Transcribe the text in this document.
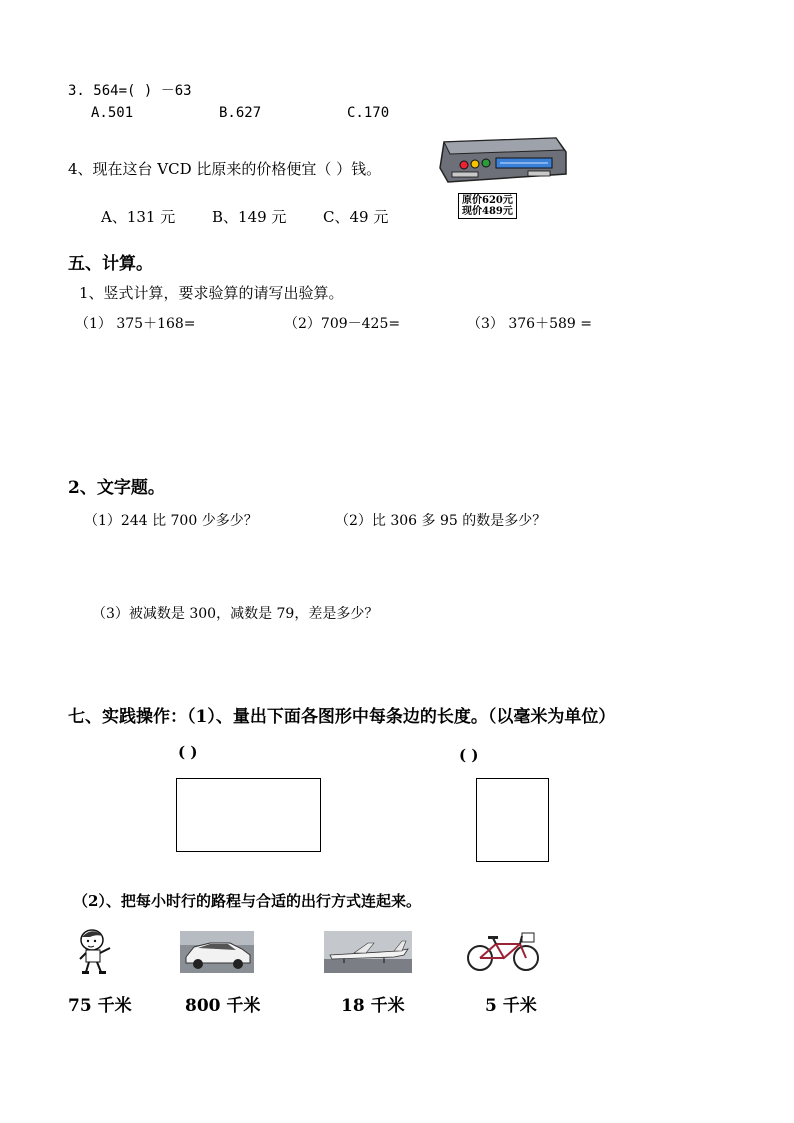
3. 564=( ) －63
A.501	B.627	C.170
4、现在这台 VCD 比原来的价格便宜（ ）钱。
A、131 元 B、149 元 C、49 元
原价620元
现价489元
五、计算。
1、竖式计算，要求验算的请写出验算。
（1） 375＋168=	（2）709－425=	（3） 376＋589 =
2、文字题。
（1）244 比 700 少多少？	（2）比 306 多 95 的数是多少？
（3）被减数是 300，减数是 79，差是多少？
七、实践操作：（1）、量出下面各图形中每条边的长度。（以毫米为单位）
( )	( )
（2）、把每小时行的路程与合适的出行方式连起来。
75 千米	800 千米	18 千米	5 千米
